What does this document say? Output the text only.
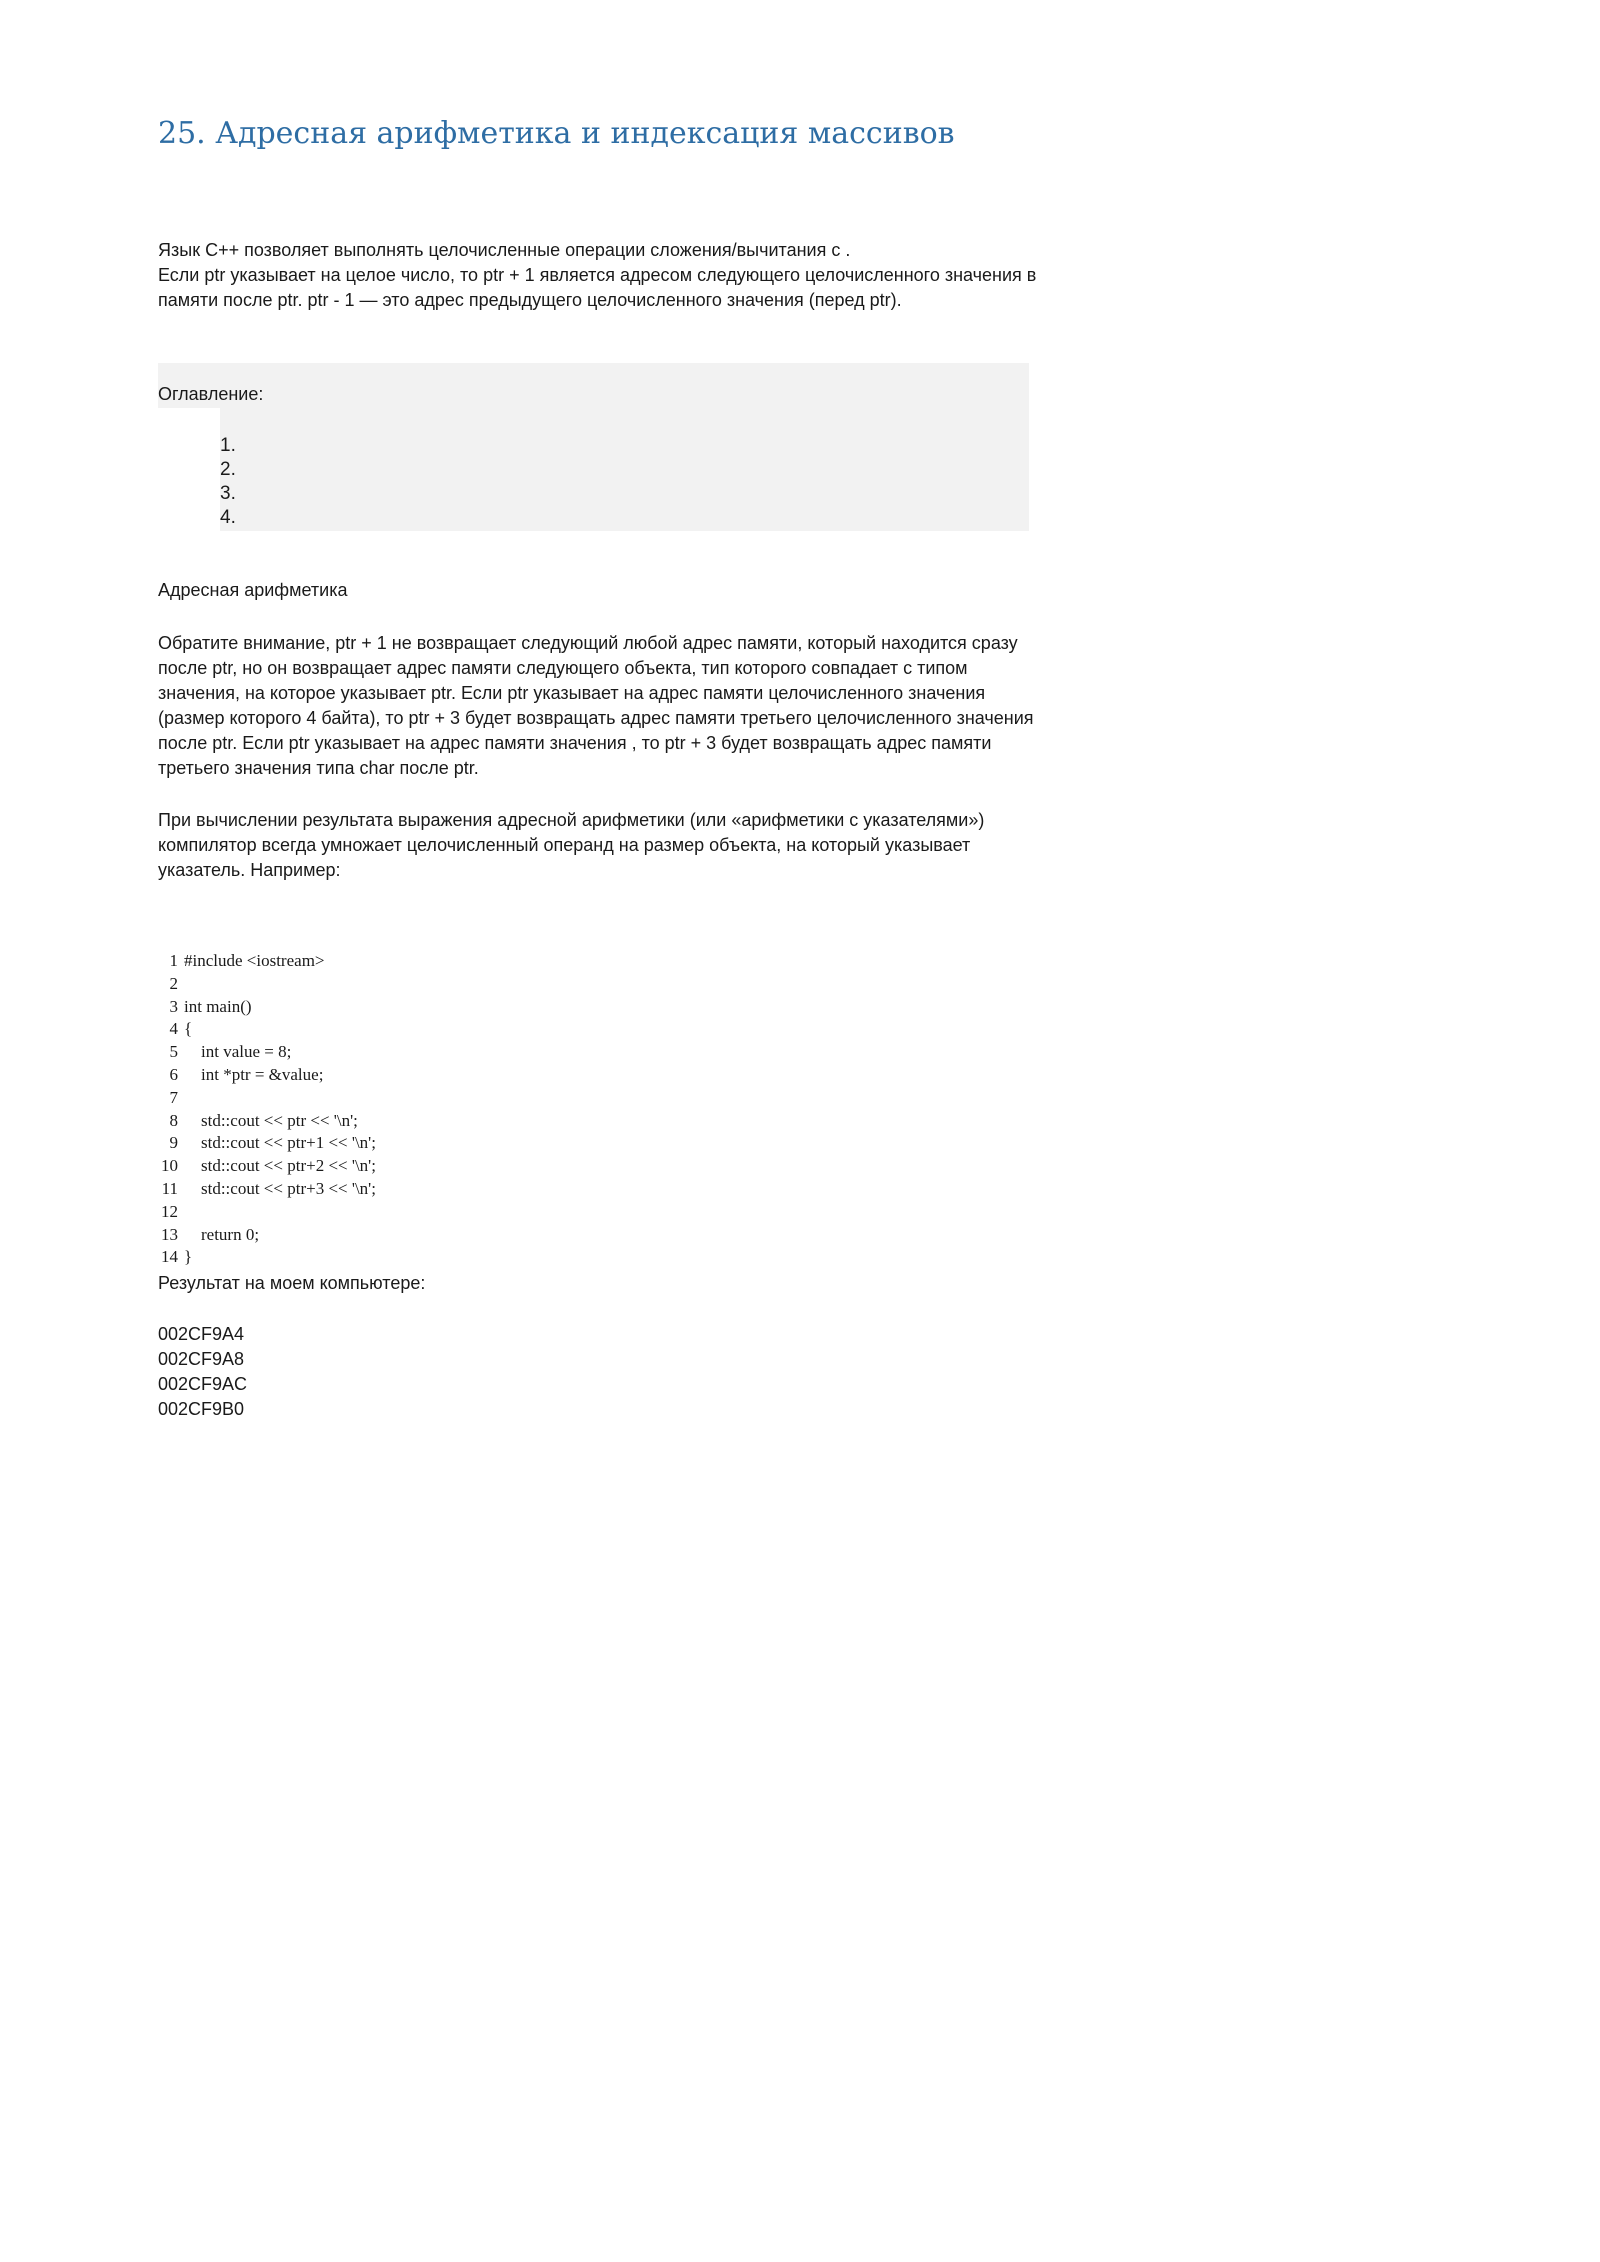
25. Адресная арифметика и индексация массивов

Язык С++ позволяет выполнять целочисленные операции сложения/вычитания с .

Если ptr указывает на целое число, то ptr + 1 является адресом следующего целочисленного значения в памяти после ptr. ptr - 1 — это адрес предыдущего целочисленного значения (перед ptr).

Оглавление:
1.
2.
3.
4.
Адресная арифметика

Обратите внимание, ptr + 1 не возвращает следующий любой адрес памяти, который находится сразу после ptr, но он возвращает адрес памяти следующего объекта, тип которого совпадает с типом значения, на которое указывает ptr. Если ptr указывает на адрес памяти целочисленного значения (размер которого 4 байта), то ptr + 3 будет возвращать адрес памяти третьего целочисленного значения после ptr. Если ptr указывает на адрес памяти значения , то ptr + 3 будет возвращать адрес памяти третьего значения типа char после ptr.

При вычислении результата выражения адресной арифметики (или «арифметики с указателями») компилятор всегда умножает целочисленный операнд на размер объекта, на который указывает указатель. Например:

1 #include <iostream>
2
3 int main()
4 {
5    int value = 8;
6    int *ptr = &value;
7
8    std::cout << ptr << '\n';
9    std::cout << ptr+1 << '\n';
10    std::cout << ptr+2 << '\n';
11    std::cout << ptr+3 << '\n';
12
13    return 0;
14 }
Результат на моем компьютере:
002CF9A4
002CF9A8
002CF9AC
002CF9B0
